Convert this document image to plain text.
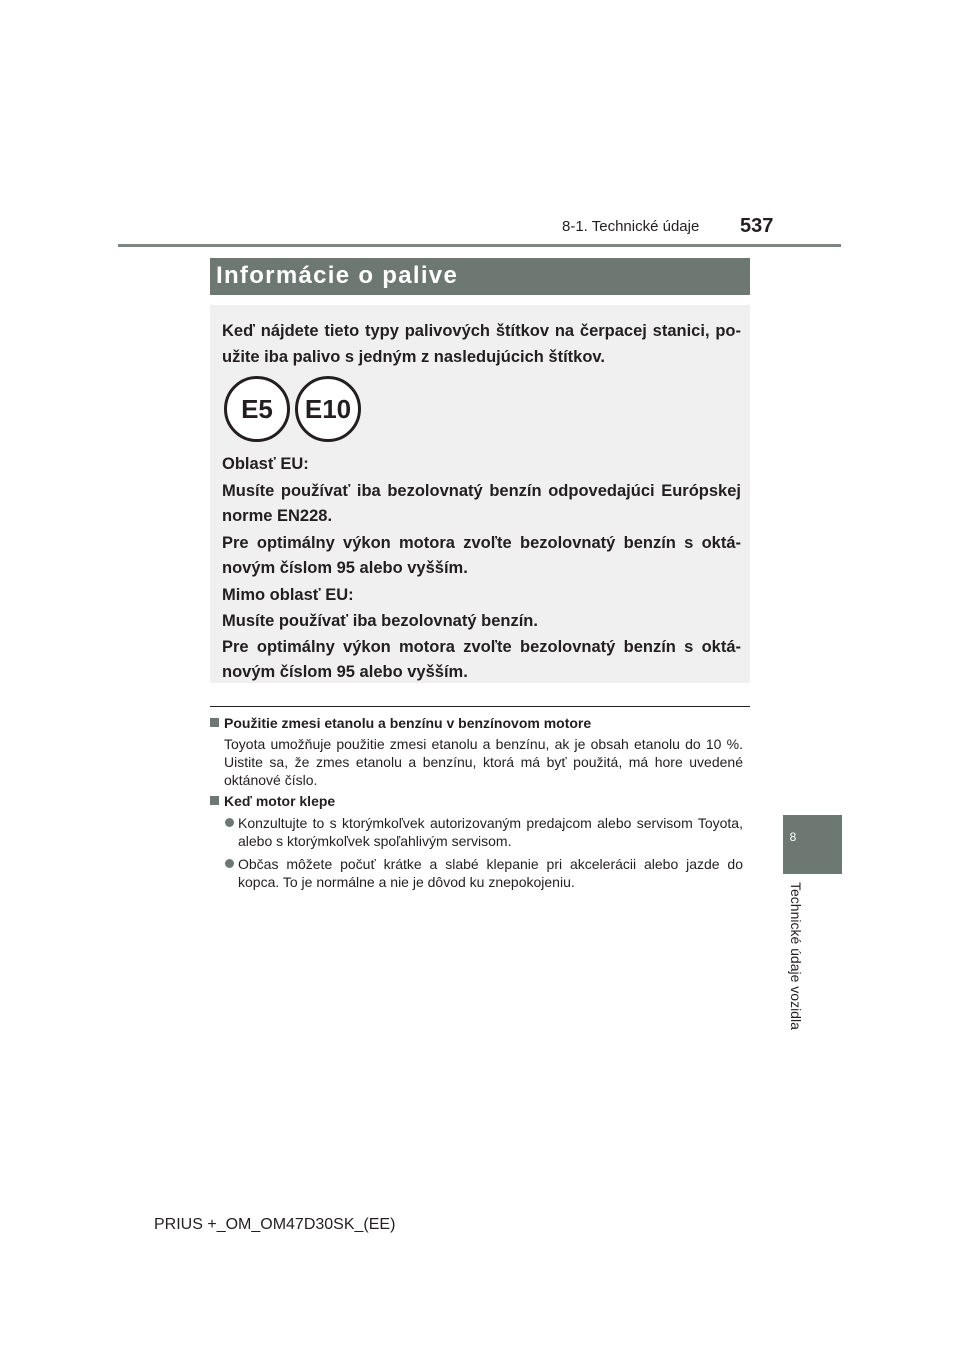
8-1. Technické údaje 537
8
Technické údaje vozidla
Informácie o palive
Keď nájdete tieto typy palivových štítkov na čerpacej stanici, po-
užite iba palivo s jedným z nasledujúcich štítkov.
E5	E10
Oblasť EU:
Musíte používať iba bezolovnatý benzín odpovedajúci Európskej
norme EN228.
Pre optimálny výkon motora zvoľte bezolovnatý benzín s oktá-
novým číslom 95 alebo vyšším.
Mimo oblasť EU:
Musíte používať iba bezolovnatý benzín.
Pre optimálny výkon motora zvoľte bezolovnatý benzín s oktá-
novým číslom 95 alebo vyšším.
Použitie zmesi etanolu a benzínu v benzínovom motore
Toyota umožňuje použitie zmesi etanolu a benzínu, ak je obsah etanolu do 10 %. Uistite sa, že zmes etanolu a benzínu, ktorá má byť použitá, má hore uvedené oktánové číslo.
Keď motor klepe
Konzultujte to s ktorýmkoľvek autorizovaným predajcom alebo servisom Toyota, alebo s ktorýmkoľvek spoľahlivým servisom.
Občas môžete počuť krátke a slabé klepanie pri akcelerácii alebo jazde do kopca. To je normálne a nie je dôvod ku znepokojeniu.
PRIUS +_OM_OM47D30SK_(EE)
